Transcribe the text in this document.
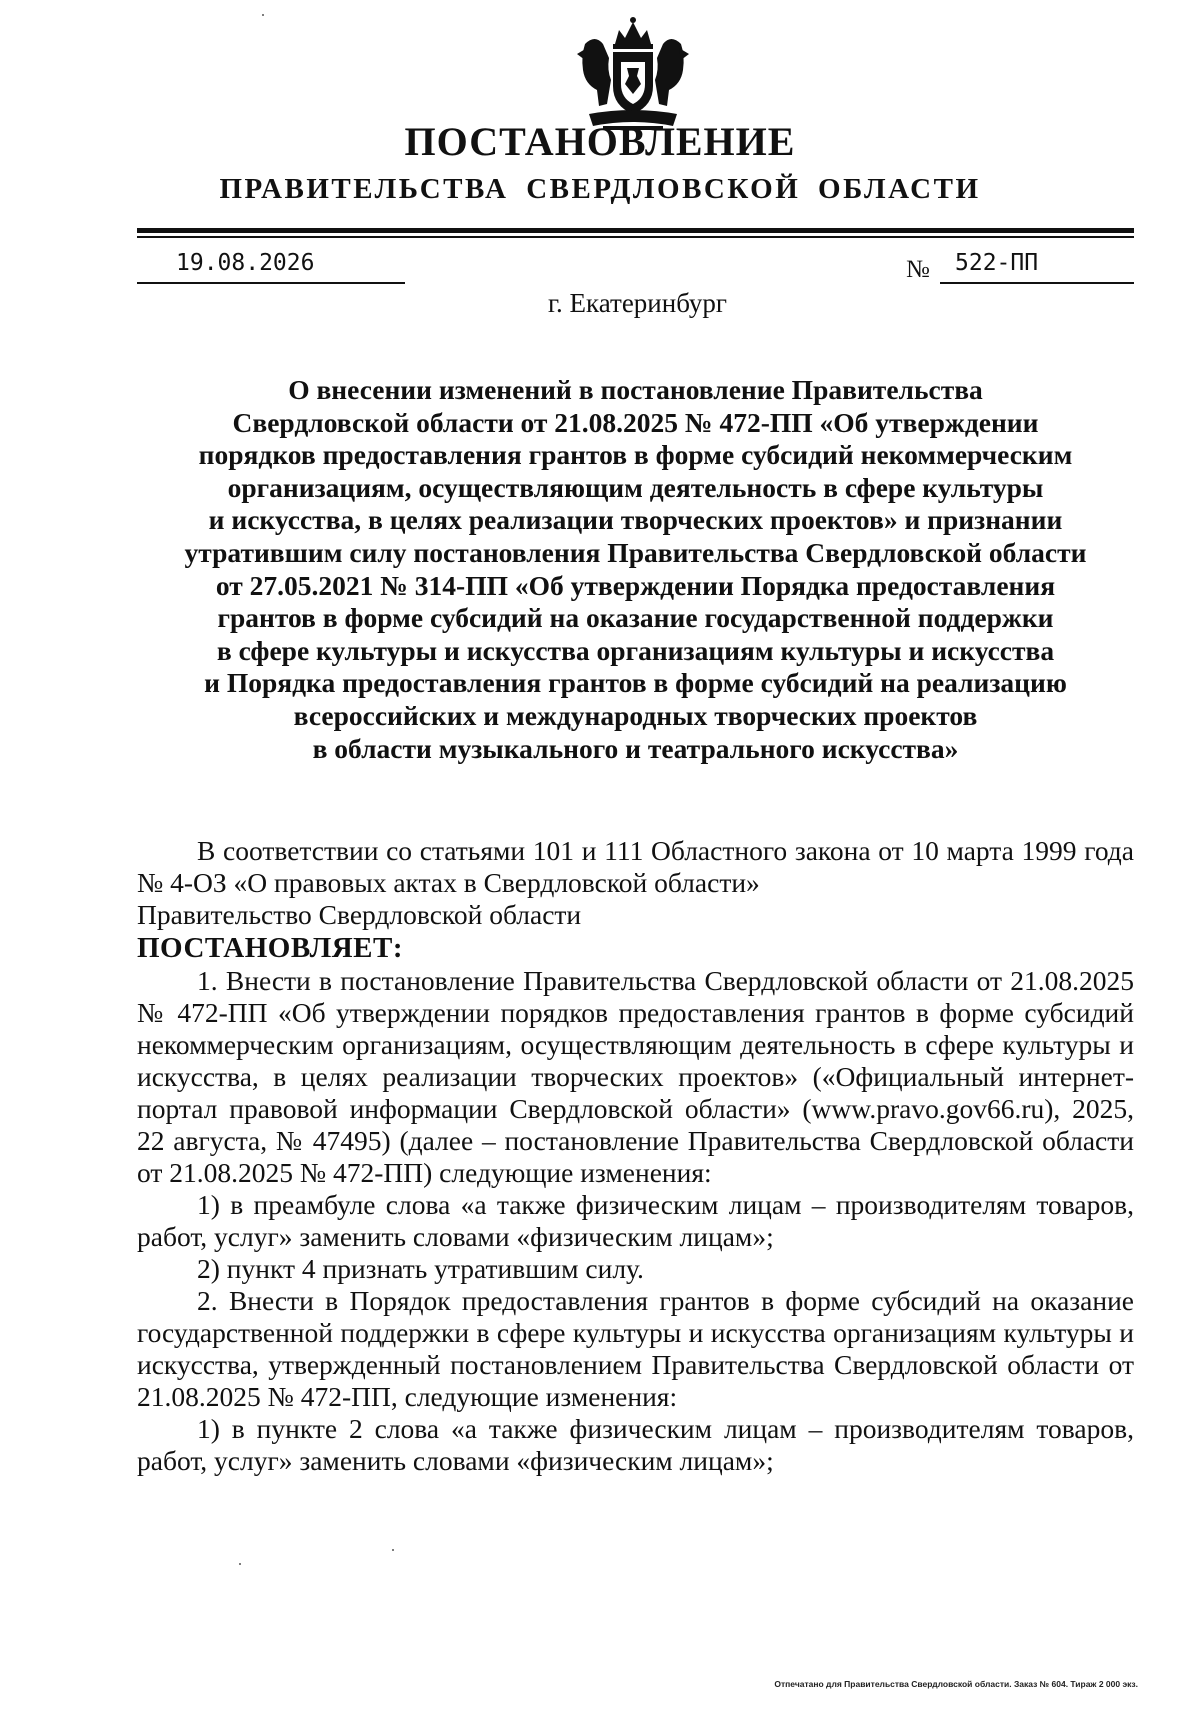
ПОСТАНОВЛЕНИЕ
ПРАВИТЕЛЬСТВА СВЕРДЛОВСКОЙ ОБЛАСТИ
19.08.2026	№ 522-ПП
г. Екатеринбург
О внесении изменений в постановление Правительства
Свердловской области от 21.08.2025 № 472-ПП «Об утверждении
порядков предоставления грантов в форме субсидий некоммерческим
организациям, осуществляющим деятельность в сфере культуры
и искусства, в целях реализации творческих проектов» и признании
утратившим силу постановления Правительства Свердловской области
от 27.05.2021 № 314-ПП «Об утверждении Порядка предоставления
грантов в форме субсидий на оказание государственной поддержки
в сфере культуры и искусства организациям культуры и искусства
и Порядка предоставления грантов в форме субсидий на реализацию
всероссийских и международных творческих проектов
в области музыкального и театрального искусства»

В соответствии со статьями 101 и 111 Областного закона от 10 марта 1999 года № 4-ОЗ «О правовых актах в Свердловской области»

Правительство Свердловской области

ПОСТАНОВЛЯЕТ:

1. Внести в постановление Правительства Свердловской области от 21.08.2025 № 472-ПП «Об утверждении порядков предоставления грантов в форме субсидий некоммерческим организациям, осуществляющим деятельность в сфере культуры и искусства, в целях реализации творческих проектов» («Официальный интернет-портал правовой информации Свердловской области» (www.pravo.gov66.ru), 2025, 22 августа, № 47495) (далее – постановление Правительства Свердловской области от 21.08.2025 № 472-ПП) следующие изменения:

1) в преамбуле слова «а также физическим лицам – производителям товаров, работ, услуг» заменить словами «физическим лицам»;

2) пункт 4 признать утратившим силу.

2. Внести в Порядок предоставления грантов в форме субсидий на оказание государственной поддержки в сфере культуры и искусства организациям культуры и искусства, утвержденный постановлением Правительства Свердловской области от 21.08.2025 № 472-ПП, следующие изменения:

1) в пункте 2 слова «а также физическим лицам – производителям товаров, работ, услуг» заменить словами «физическим лицам»;

Отпечатано для Правительства Свердловской области. Заказ № 604. Тираж 2 000 экз.
